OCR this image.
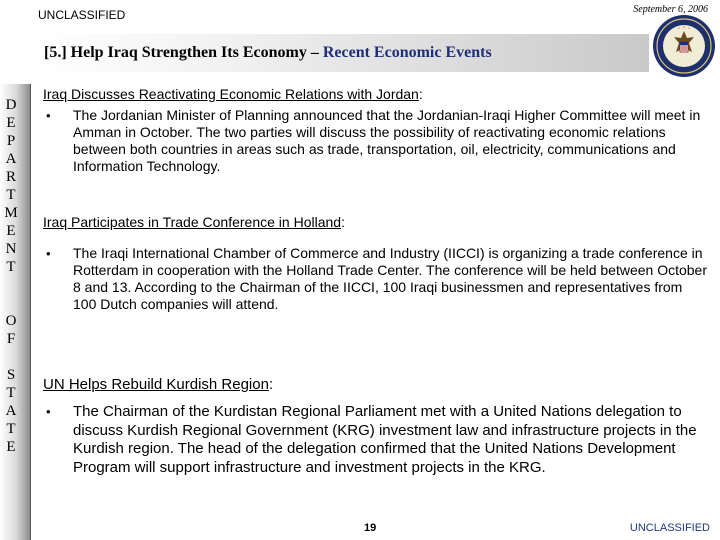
UNCLASSIFIED	September 6, 2006
[5.] Help Iraq Strengthen Its Economy – Recent Economic Events
D
E
P
A
R
T
M
E
N
T
O
F
S
T
A
T
E
Iraq Discusses Reactivating Economic Relations with Jordan:
• The Jordanian Minister of Planning announced that the Jordanian-Iraqi Higher Committee will meet in Amman in October. The two parties will discuss the possibility of reactivating economic relations between both countries in areas such as trade, transportation, oil, electricity, communications and Information Technology.
Iraq Participates in Trade Conference in Holland:
• The Iraqi International Chamber of Commerce and Industry (IICCI) is organizing a trade conference in Rotterdam in cooperation with the Holland Trade Center. The conference will be held between October 8 and 13. According to the Chairman of the IICCI, 100 Iraqi businessmen and representatives from 100 Dutch companies will attend.
UN Helps Rebuild Kurdish Region:
• The Chairman of the Kurdistan Regional Parliament met with a United Nations delegation to discuss Kurdish Regional Government (KRG) investment law and infrastructure projects in the Kurdish region. The head of the delegation confirmed that the United Nations Development Program will support infrastructure and investment projects in the KRG.
19	UNCLASSIFIED
